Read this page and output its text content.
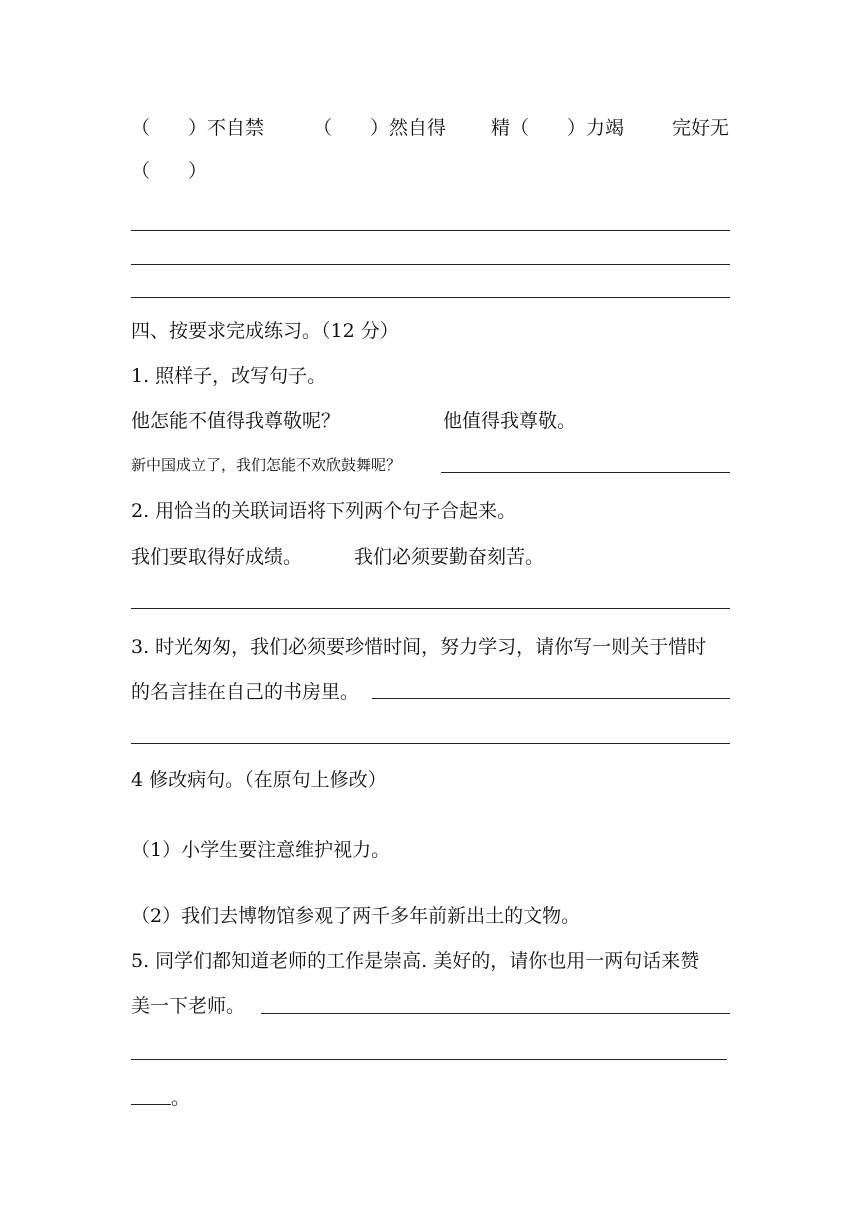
（　　）不自禁	（　　）然自得 精（　　）力竭	完好无
（　　）
四、按要求完成练习。（12 分）
1. 照样子，改写句子。
他怎能不值得我尊敬呢？	他值得我尊敬。
新中国成立了，我们怎能不欢欣鼓舞呢？
2. 用恰当的关联词语将下列两个句子合起来。
我们要取得好成绩。	我们必须要勤奋刻苦。
3. 时光匆匆，我们必须要珍惜时间，努力学习，请你写一则关于惜时
的名言挂在自己的书房里。
4 修改病句。（在原句上修改）
（1）小学生要注意维护视力。
（2）我们去博物馆参观了两千多年前新出土的文物。
5. 同学们都知道老师的工作是崇高. 美好的，请你也用一两句话来赞
美一下老师。
。
